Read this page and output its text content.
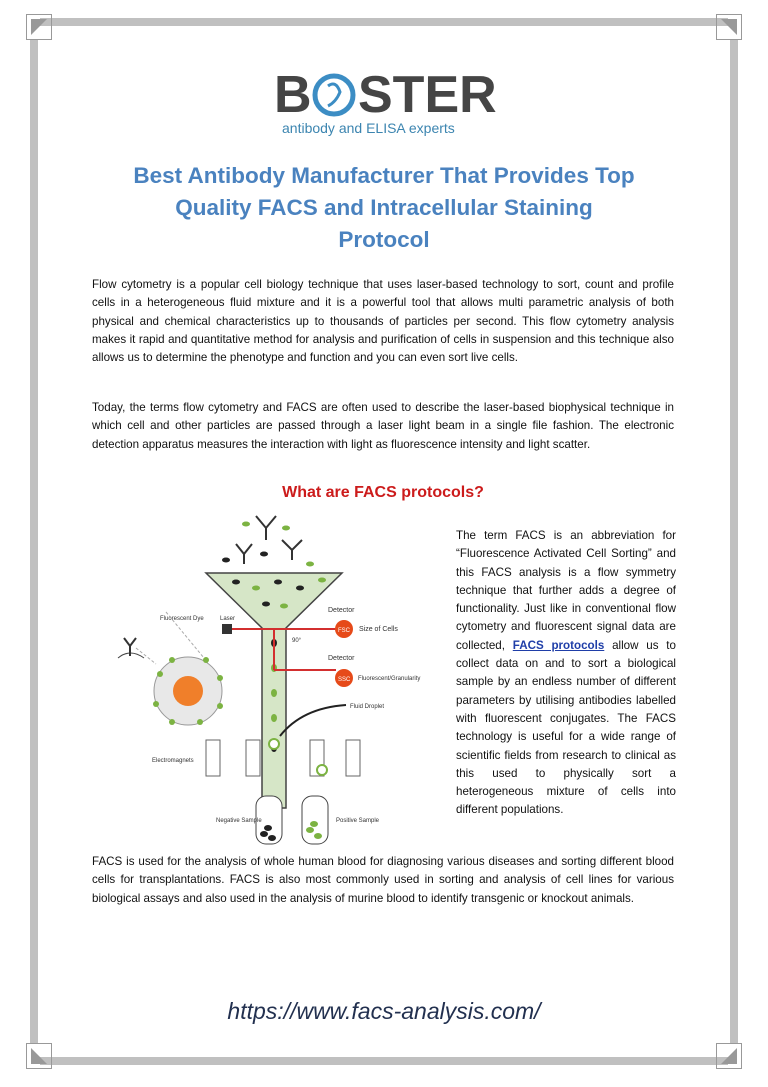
B STER
antibody and ELISA experts
Best Antibody Manufacturer That Provides Top
Quality FACS and Intracellular Staining
Protocol

Flow cytometry is a popular cell biology technique that uses laser-based technology to sort, count and profile cells in a heterogeneous fluid mixture and it is a powerful tool that allows multi parametric analysis of both physical and chemical characteristics up to thousands of particles per second. This flow cytometry analysis makes it rapid and quantitative method for analysis and purification of cells in suspension and this technique also allows us to determine the phenotype and function and you can even sort live cells.

Today, the terms flow cytometry and FACS are often used to describe the laser-based biophysical technique in which cell and other particles are passed through a laser light beam in a single file fashion. The electronic detection apparatus measures the interaction with light as fluorescence intensity and light scatter.

What are FACS protocols?
Laser
FSC
Detector
Size of Cells
90°
SSC
Detector
Fluorescent/Granularity
Fluid Droplet
Fluorescent Dye
Electromagnets
Negative Sample	Positive Sample

The term FACS is an abbreviation for “Fluorescence Activated Cell Sorting” and this FACS analysis is a flow symmetry technique that further adds a degree of functionality. Just like in conventional flow cytometry and fluorescent signal data are collected, FACS protocols allow us to collect data on and to sort a biological sample by an endless number of different parameters by utilising antibodies labelled with fluorescent conjugates. The FACS technology is useful for a wide range of scientific fields from research to clinical as this used to physically sort a heterogeneous mixture of cells into different populations.

FACS is used for the analysis of whole human blood for diagnosing various diseases and sorting different blood cells for transplantations. FACS is also most commonly used in sorting and analysis of cell lines for various biological assays and also used in the analysis of murine blood to identify transgenic or knockout animals.

https://www.facs-analysis.com/
